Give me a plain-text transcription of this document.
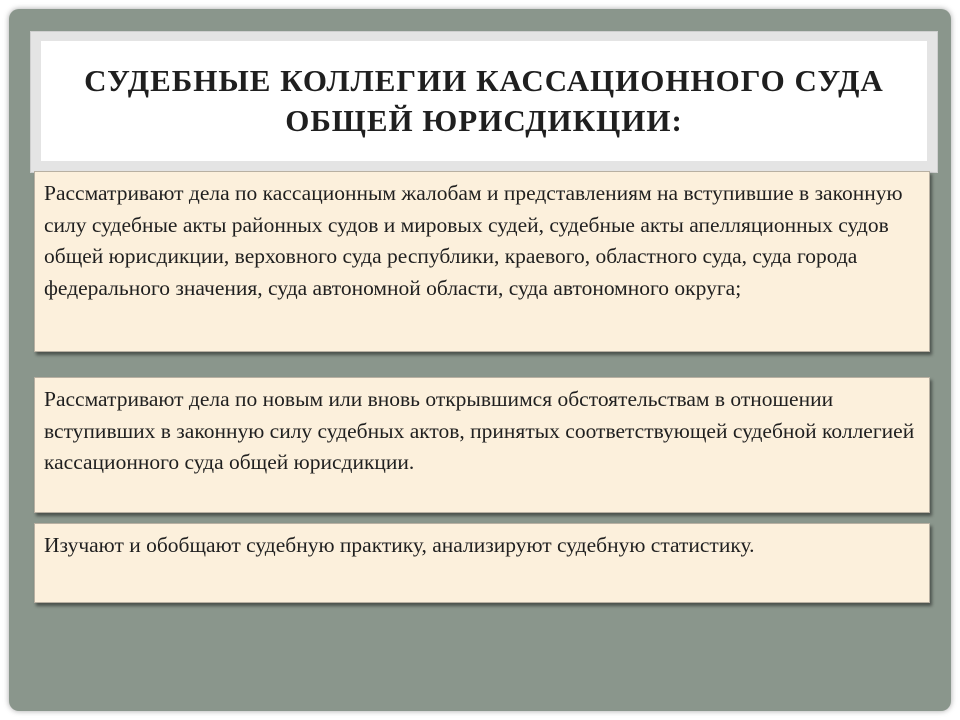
СУДЕБНЫЕ КОЛЛЕГИИ КАССАЦИОННОГО СУДА ОБЩЕЙ ЮРИСДИКЦИИ:

Рассматривают дела по кассационным жалобам и представлениям на вступившие в законную силу судебные акты районных судов и мировых судей, судебные акты апелляционных судов общей юрисдикции, верховного суда республики, краевого, областного суда, суда города федерального значения, суда автономной области, суда автономного округа;

Рассматривают дела по новым или вновь открывшимся обстоятельствам в отношении вступивших в законную силу судебных актов, принятых соответствующей судебной коллегией кассационного суда общей юрисдикции.

Изучают и обобщают судебную практику, анализируют судебную статистику.
